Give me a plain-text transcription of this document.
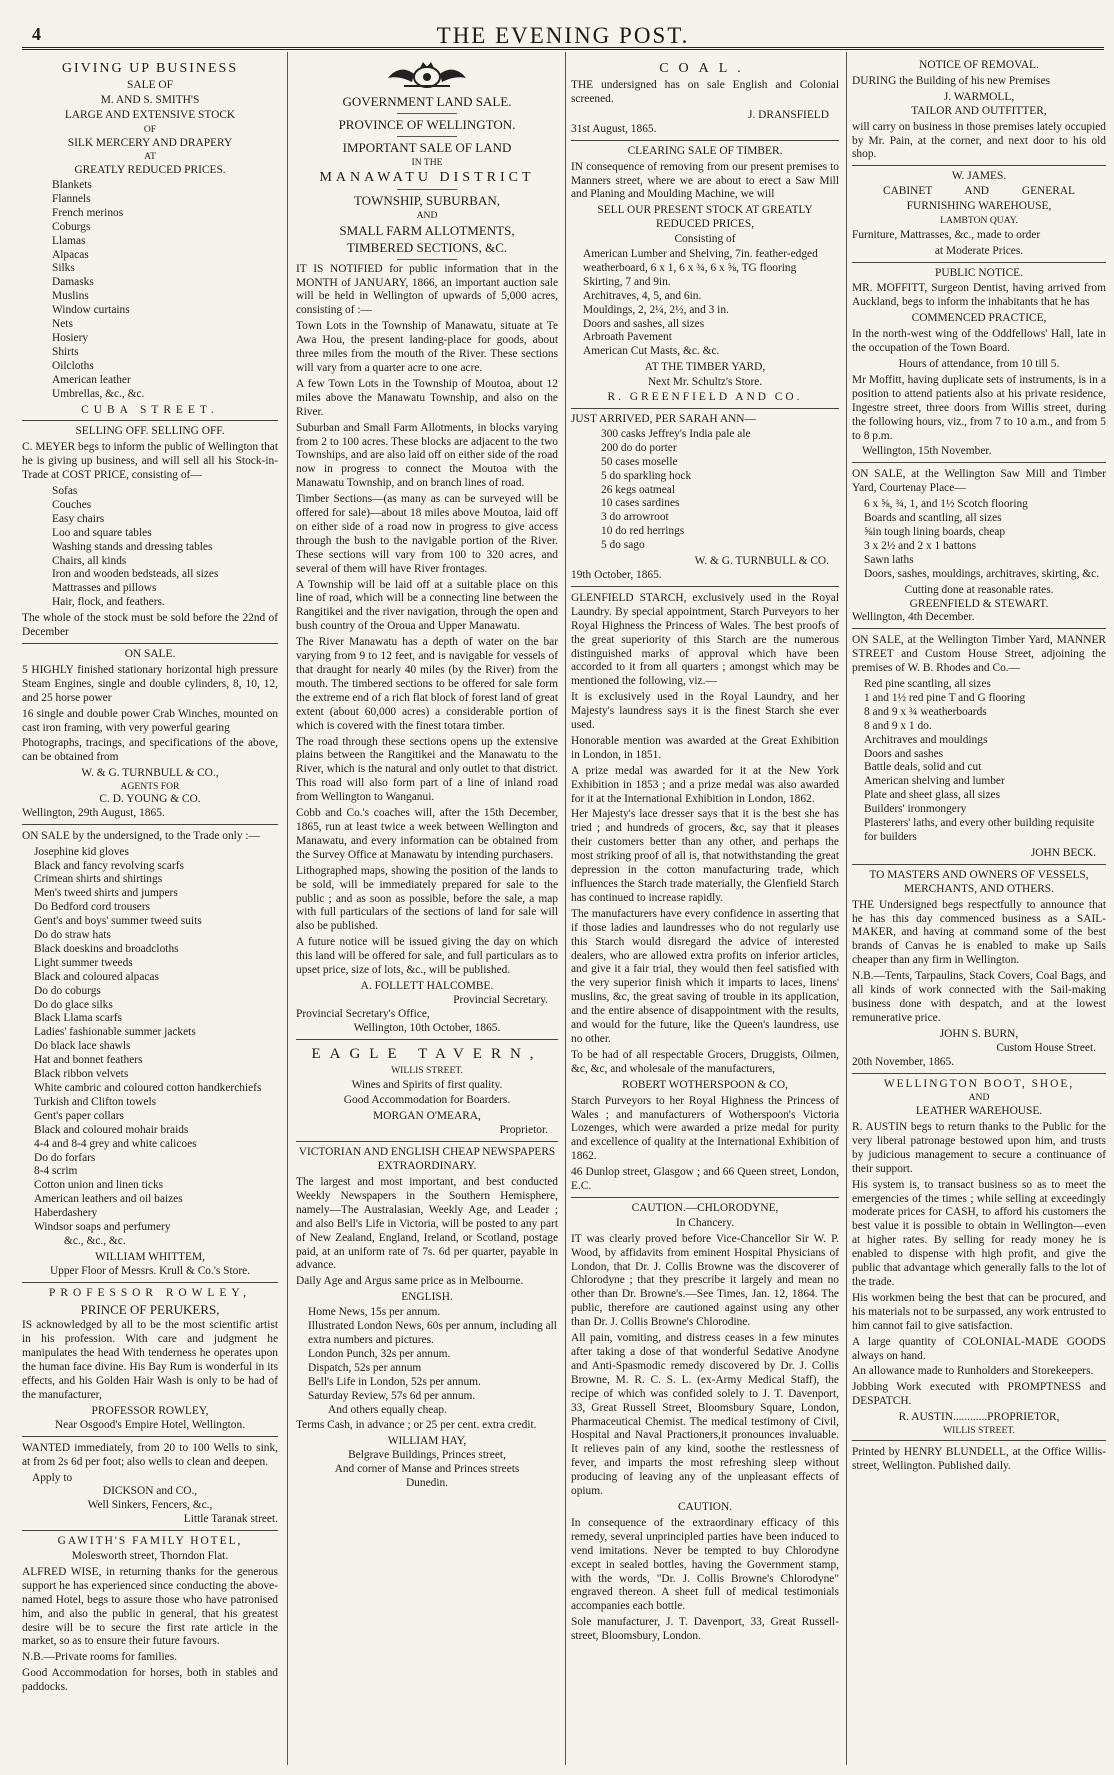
4	THE EVENING POST.
GIVING UP BUSINESS
SALE OF
M. AND S. SMITH'S
LARGE AND EXTENSIVE STOCK
OF
SILK MERCERY AND DRAPERY
AT
GREATLY REDUCED PRICES.
Blankets
Flannels
French merinos
Coburgs
Llamas
Alpacas
Silks
Damasks
Muslins
Window curtains
Nets
Hosiery
Shirts
Oilcloths
American leather
Umbrellas, &c., &c.
CUBA STREET.
SELLING OFF. SELLING OFF.

C. MEYER begs to inform the public of Wellington that he is giving up business, and will sell all his Stock-in-Trade at COST PRICE, consisting of—

Sofas
Couches
Easy chairs
Loo and square tables
Washing stands and dressing tables
Chairs, all kinds
Iron and wooden bedsteads, all sizes
Mattrasses and pillows
Hair, flock, and feathers.

The whole of the stock must be sold before the 22nd of December

ON SALE.

5 HIGHLY finished stationary horizontal high pressure Steam Engines, single and double cylinders, 8, 10, 12, and 25 horse power

16 single and double power Crab Winches, mounted on cast iron framing, with very powerful gearing

Photographs, tracings, and specifications of the above, can be obtained from

W. & G. TURNBULL & CO.,
AGENTS FOR
C. D. YOUNG & CO.
Wellington, 29th August, 1865.

ON SALE by the undersigned, to the Trade only :—

Josephine kid gloves
Black and fancy revolving scarfs
Crimean shirts and shirtings
Men's tweed shirts and jumpers
Do Bedford cord trousers
Gent's and boys' summer tweed suits
Do do straw hats
Black doeskins and broadcloths
Light summer tweeds
Black and coloured alpacas
Do do coburgs
Do do glace silks
Black Llama scarfs
Ladies' fashionable summer jackets
Do black lace shawls
Hat and bonnet feathers
Black ribbon velvets
White cambric and coloured cotton handkerchiefs
Turkish and Clifton towels
Gent's paper collars
Black and coloured mohair braids
4-4 and 8-4 grey and white calicoes
Do do forfars
8-4 scrim
Cotton union and linen ticks
American leathers and oil baizes
Haberdashery
Windsor soaps and perfumery
&c., &c., &c.
WILLIAM WHITTEM,
Upper Floor of Messrs. Krull & Co.'s Store.
PROFESSOR ROWLEY,
PRINCE OF PERUKERS,

IS acknowledged by all to be the most scientific artist in his profession. With care and judgment he manipulates the head With tenderness he operates upon the human face divine. His Bay Rum is wonderful in its effects, and his Golden Hair Wash is only to be had of the manufacturer,

PROFESSOR ROWLEY,
Near Osgood's Empire Hotel, Wellington.

WANTED immediately, from 20 to 100 Wells to sink, at from 2s 6d per foot; also wells to clean and deepen.

Apply to
DICKSON and CO.,
Well Sinkers, Fencers, &c.,
Little Taranak street.
GAWITH'S FAMILY HOTEL,
Molesworth street, Thorndon Flat.

ALFRED WISE, in returning thanks for the generous support he has experienced since conducting the above-named Hotel, begs to assure those who have patronised him, and also the public in general, that his greatest desire will be to secure the first rate article in the market, so as to ensure their future favours.

N.B.—Private rooms for families.

Good Accommodation for horses, both in stables and paddocks.

GOVERNMENT LAND SALE.
PROVINCE OF WELLINGTON.
IMPORTANT SALE OF LAND
IN THE
MANAWATU DISTRICT
TOWNSHIP, SUBURBAN,
AND
SMALL FARM ALLOTMENTS,
TIMBERED SECTIONS, &C.

IT IS NOTIFIED for public information that in the MONTH of JANUARY, 1866, an important auction sale will be held in Wellington of upwards of 5,000 acres, consisting of :—

Town Lots in the Township of Manawatu, situate at Te Awa Hou, the present landing-place for goods, about three miles from the mouth of the River. These sections will vary from a quarter acre to one acre.

A few Town Lots in the Township of Moutoa, about 12 miles above the Manawatu Township, and also on the River.

Suburban and Small Farm Allotments, in blocks varying from 2 to 100 acres. These blocks are adjacent to the two Townships, and are also laid off on either side of the road now in progress to connect the Moutoa with the Manawatu Township, and on branch lines of road.

Timber Sections—(as many as can be surveyed will be offered for sale)—about 18 miles above Moutoa, laid off on either side of a road now in progress to give access through the bush to the navigable portion of the River. These sections will vary from 100 to 320 acres, and several of them will have River frontages.

A Township will be laid off at a suitable place on this line of road, which will be a connecting line between the Rangitikei and the river navigation, through the open and bush country of the Oroua and Upper Manawatu.

The River Manawatu has a depth of water on the bar varying from 9 to 12 feet, and is navigable for vessels of that draught for nearly 40 miles (by the River) from the mouth. The timbered sections to be offered for sale form the extreme end of a rich flat block of forest land of great extent (about 60,000 acres) a considerable portion of which is covered with the finest totara timber.

The road through these sections opens up the extensive plains between the Rangitikei and the Manawatu to the River, which is the natural and only outlet to that district. This road will also form part of a line of inland road from Wellington to Wanganui.

Cobb and Co.'s coaches will, after the 15th December, 1865, run at least twice a week between Wellington and Manawatu, and every information can be obtained from the Survey Office at Manawatu by intending purchasers.

Lithographed maps, showing the position of the lands to be sold, will be immediately prepared for sale to the public ; and as soon as possible, before the sale, a map with full particulars of the sections of land for sale will also be published.

A future notice will be issued giving the day on which this land will be offered for sale, and full particulars as to upset price, size of lots, &c., will be published.

A. FOLLETT HALCOMBE.
Provincial Secretary.
Provincial Secretary's Office,
Wellington, 10th October, 1865.
EAGLE TAVERN,
WILLIS STREET.

Wines and Spirits of first quality.

Good Accommodation for Boarders.

MORGAN O'MEARA,
Proprietor.
VICTORIAN AND ENGLISH CHEAP NEWSPAPERS EXTRAORDINARY.

The largest and most important, and best conducted Weekly Newspapers in the Southern Hemisphere, namely—The Australasian, Weekly Age, and Leader ; and also Bell's Life in Victoria, will be posted to any part of New Zealand, England, Ireland, or Scotland, postage paid, at an uniform rate of 7s. 6d per quarter, payable in advance.

Daily Age and Argus same price as in Melbourne.

ENGLISH.
Home News, 15s per annum.
Illustrated London News, 60s per annum, including all extra numbers and pictures.
London Punch, 32s per annum.
Dispatch, 52s per annum
Bell's Life in London, 52s per annum.
Saturday Review, 57s 6d per annum.
And others equally cheap.

Terms Cash, in advance ; or 25 per cent. extra credit.

WILLIAM HAY,
Belgrave Buildings, Princes street,
And corner of Manse and Princes streets
Dunedin.
COAL.

THE undersigned has on sale English and Colonial screened.

J. DRANSFIELD
31st August, 1865.
CLEARING SALE OF TIMBER.

IN consequence of removing from our present premises to Manners street, where we are about to erect a Saw Mill and Planing and Moulding Machine, we will

SELL OUR PRESENT STOCK AT GREATLY REDUCED PRICES,
Consisting of
American Lumber and Shelving, 7in. feather-edged weatherboard, 6 x 1, 6 x ¾, 6 x ⅝, TG flooring
Skirting, 7 and 9in.
Architraves, 4, 5, and 6in.
Mouldings, 2, 2¼, 2½, and 3 in.
Doors and sashes, all sizes
Arbroath Pavement
American Cut Masts, &c. &c.
AT THE TIMBER YARD,
Next Mr. Schultz's Store.
R. GREENFIELD AND CO.
JUST ARRIVED, PER SARAH ANN—
300 casks Jeffrey's India pale ale
200 do do porter
50 cases moselle
5 do sparkling hock
26 kegs oatmeal
10 cases sardines
3 do arrowroot
10 do red herrings
5 do sago
W. & G. TURNBULL & CO.
19th October, 1865.

GLENFIELD STARCH, exclusively used in the Royal Laundry. By special appointment, Starch Purveyors to her Royal Highness the Princess of Wales. The best proofs of the great superiority of this Starch are the numerous distinguished marks of approval which have been accorded to it from all quarters ; amongst which may be mentioned the following, viz.—

It is exclusively used in the Royal Laundry, and her Majesty's laundress says it is the finest Starch she ever used.

Honorable mention was awarded at the Great Exhibition in London, in 1851.

A prize medal was awarded for it at the New York Exhibition in 1853 ; and a prize medal was also awarded for it at the International Exhibition in London, 1862.

Her Majesty's lace dresser says that it is the best she has tried ; and hundreds of grocers, &c, say that it pleases their customers better than any other, and perhaps the most striking proof of all is, that notwithstanding the great depression in the cotton manufacturing trade, which influences the Starch trade materially, the Glenfield Starch has continued to increase rapidly.

The manufacturers have every confidence in asserting that if those ladies and laundresses who do not regularly use this Starch would disregard the advice of interested dealers, who are allowed extra profits on inferior articles, and give it a fair trial, they would then feel satisfied with the very superior finish which it imparts to laces, linens' muslins, &c, the great saving of trouble in its application, and the entire absence of disappointment with the results, and would for the future, like the Queen's laundress, use no other.

To be had of all respectable Grocers, Druggists, Oilmen, &c, &c, and wholesale of the manufacturers,

ROBERT WOTHERSPOON & CO,

Starch Purveyors to her Royal Highness the Princess of Wales ; and manufacturers of Wotherspoon's Victoria Lozenges, which were awarded a prize medal for purity and excellence of quality at the International Exhibition of 1862.

46 Dunlop street, Glasgow ; and 66 Queen street, London, E.C.

CAUTION.—CHLORODYNE,
In Chancery.

IT was clearly proved before Vice-Chancellor Sir W. P. Wood, by affidavits from eminent Hospital Physicians of London, that Dr. J. Collis Browne was the discoverer of Chlorodyne ; that they prescribe it largely and mean no other than Dr. Browne's.—See Times, Jan. 12, 1864. The public, therefore are cautioned against using any other than Dr. J. Collis Browne's Chlorodine.

All pain, vomiting, and distress ceases in a few minutes after taking a dose of that wonderful Sedative Anodyne and Anti-Spasmodic remedy discovered by Dr. J. Collis Browne, M. R. C. S. L. (ex-Army Medical Staff), the recipe of which was confided solely to J. T. Davenport, 33, Great Russell Street, Bloomsbury Square, London, Pharmaceutical Chemist. The medical testimony of Civil, Hospital and Naval Practioners,it pronounces invaluable. It relieves pain of any kind, soothe the restlessness of fever, and imparts the most refreshing sleep without producing of leaving any of the unpleasant effects of opium.

CAUTION.

In consequence of the extraordinary efficacy of this remedy, several unprincipled parties have been induced to vend imitations. Never be tempted to buy Chlorodyne except in sealed bottles, having the Government stamp, with the words, "Dr. J. Collis Browne's Chlorodyne" engraved thereon. A sheet full of medical testimonials accompanies each bottle.

Sole manufacturer, J. T. Davenport, 33, Great Russell-street, Bloomsbury, London.

NOTICE OF REMOVAL.

DURING the Building of his new Premises

J. WARMOLL,
TAILOR AND OUTFITTER,

will carry on business in those premises lately occupied by Mr. Pain, at the corner, and next door to his old shop.

W. JAMES.
CABINET AND GENERAL
FURNISHING WAREHOUSE,
LAMBTON QUAY.

Furniture, Mattrasses, &c., made to order

at Moderate Prices.
PUBLIC NOTICE.

MR. MOFFITT, Surgeon Dentist, having arrived from Auckland, begs to inform the inhabitants that he has

COMMENCED PRACTICE,

In the north-west wing of the Oddfellows' Hall, late in the occupation of the Town Board.

Hours of attendance, from 10 till 5.

Mr Moffitt, having duplicate sets of instruments, is in a position to attend patients also at his private residence, Ingestre street, three doors from Willis street, during the following hours, viz., from 7 to 10 a.m., and from 5 to 8 p.m.

Wellington, 15th November.

ON SALE, at the Wellington Saw Mill and Timber Yard, Courtenay Place—

6 x ⅝, ¾, 1, and 1½ Scotch flooring
Boards and scantling, all sizes
⅝in tough lining boards, cheap
3 x 2½ and 2 x 1 battons
Sawn laths
Doors, sashes, mouldings, architraves, skirting, &c.
Cutting done at reasonable rates.
GREENFIELD & STEWART.
Wellington, 4th December.

ON SALE, at the Wellington Timber Yard, MANNER STREET and Custom House Street, adjoining the premises of W. B. Rhodes and Co.—

Red pine scantling, all sizes
1 and 1½ red pine T and G flooring
8 and 9 x ¾ weatherboards
8 and 9 x 1 do.
Architraves and mouldings
Doors and sashes
Battle deals, solid and cut
American shelving and lumber
Plate and sheet glass, all sizes
Builders' ironmongery
Plasterers' laths, and every other building requisite for builders
JOHN BECK.
TO MASTERS AND OWNERS OF VESSELS, MERCHANTS, AND OTHERS.

THE Undersigned begs respectfully to announce that he has this day commenced business as a SAIL-MAKER, and having at command some of the best brands of Canvas he is enabled to make up Sails cheaper than any firm in Wellington.

N.B.—Tents, Tarpaulins, Stack Covers, Coal Bags, and all kinds of work connected with the Sail-making business done with despatch, and at the lowest remunerative price.

JOHN S. BURN,
Custom House Street.
20th November, 1865.
WELLINGTON BOOT, SHOE,
AND
LEATHER WAREHOUSE.

R. AUSTIN begs to return thanks to the Public for the very liberal patronage bestowed upon him, and trusts by judicious management to secure a continuance of their support.

His system is, to transact business so as to meet the emergencies of the times ; while selling at exceedingly moderate prices for CASH, to afford his customers the best value it is possible to obtain in Wellington—even at higher rates. By selling for ready money he is enabled to dispense with high profit, and give the public that advantage which generally falls to the lot of the trade.

His workmen being the best that can be procured, and his materials not to be surpassed, any work entrusted to him cannot fail to give satisfaction.

A large quantity of COLONIAL-MADE GOODS always on hand.

An allowance made to Runholders and Storekeepers.

Jobbing Work executed with PROMPTNESS and DESPATCH.

R. AUSTIN............PROPRIETOR,
WILLIS STREET.

Printed by HENRY BLUNDELL, at the Office Willis-street, Wellington. Published daily.
